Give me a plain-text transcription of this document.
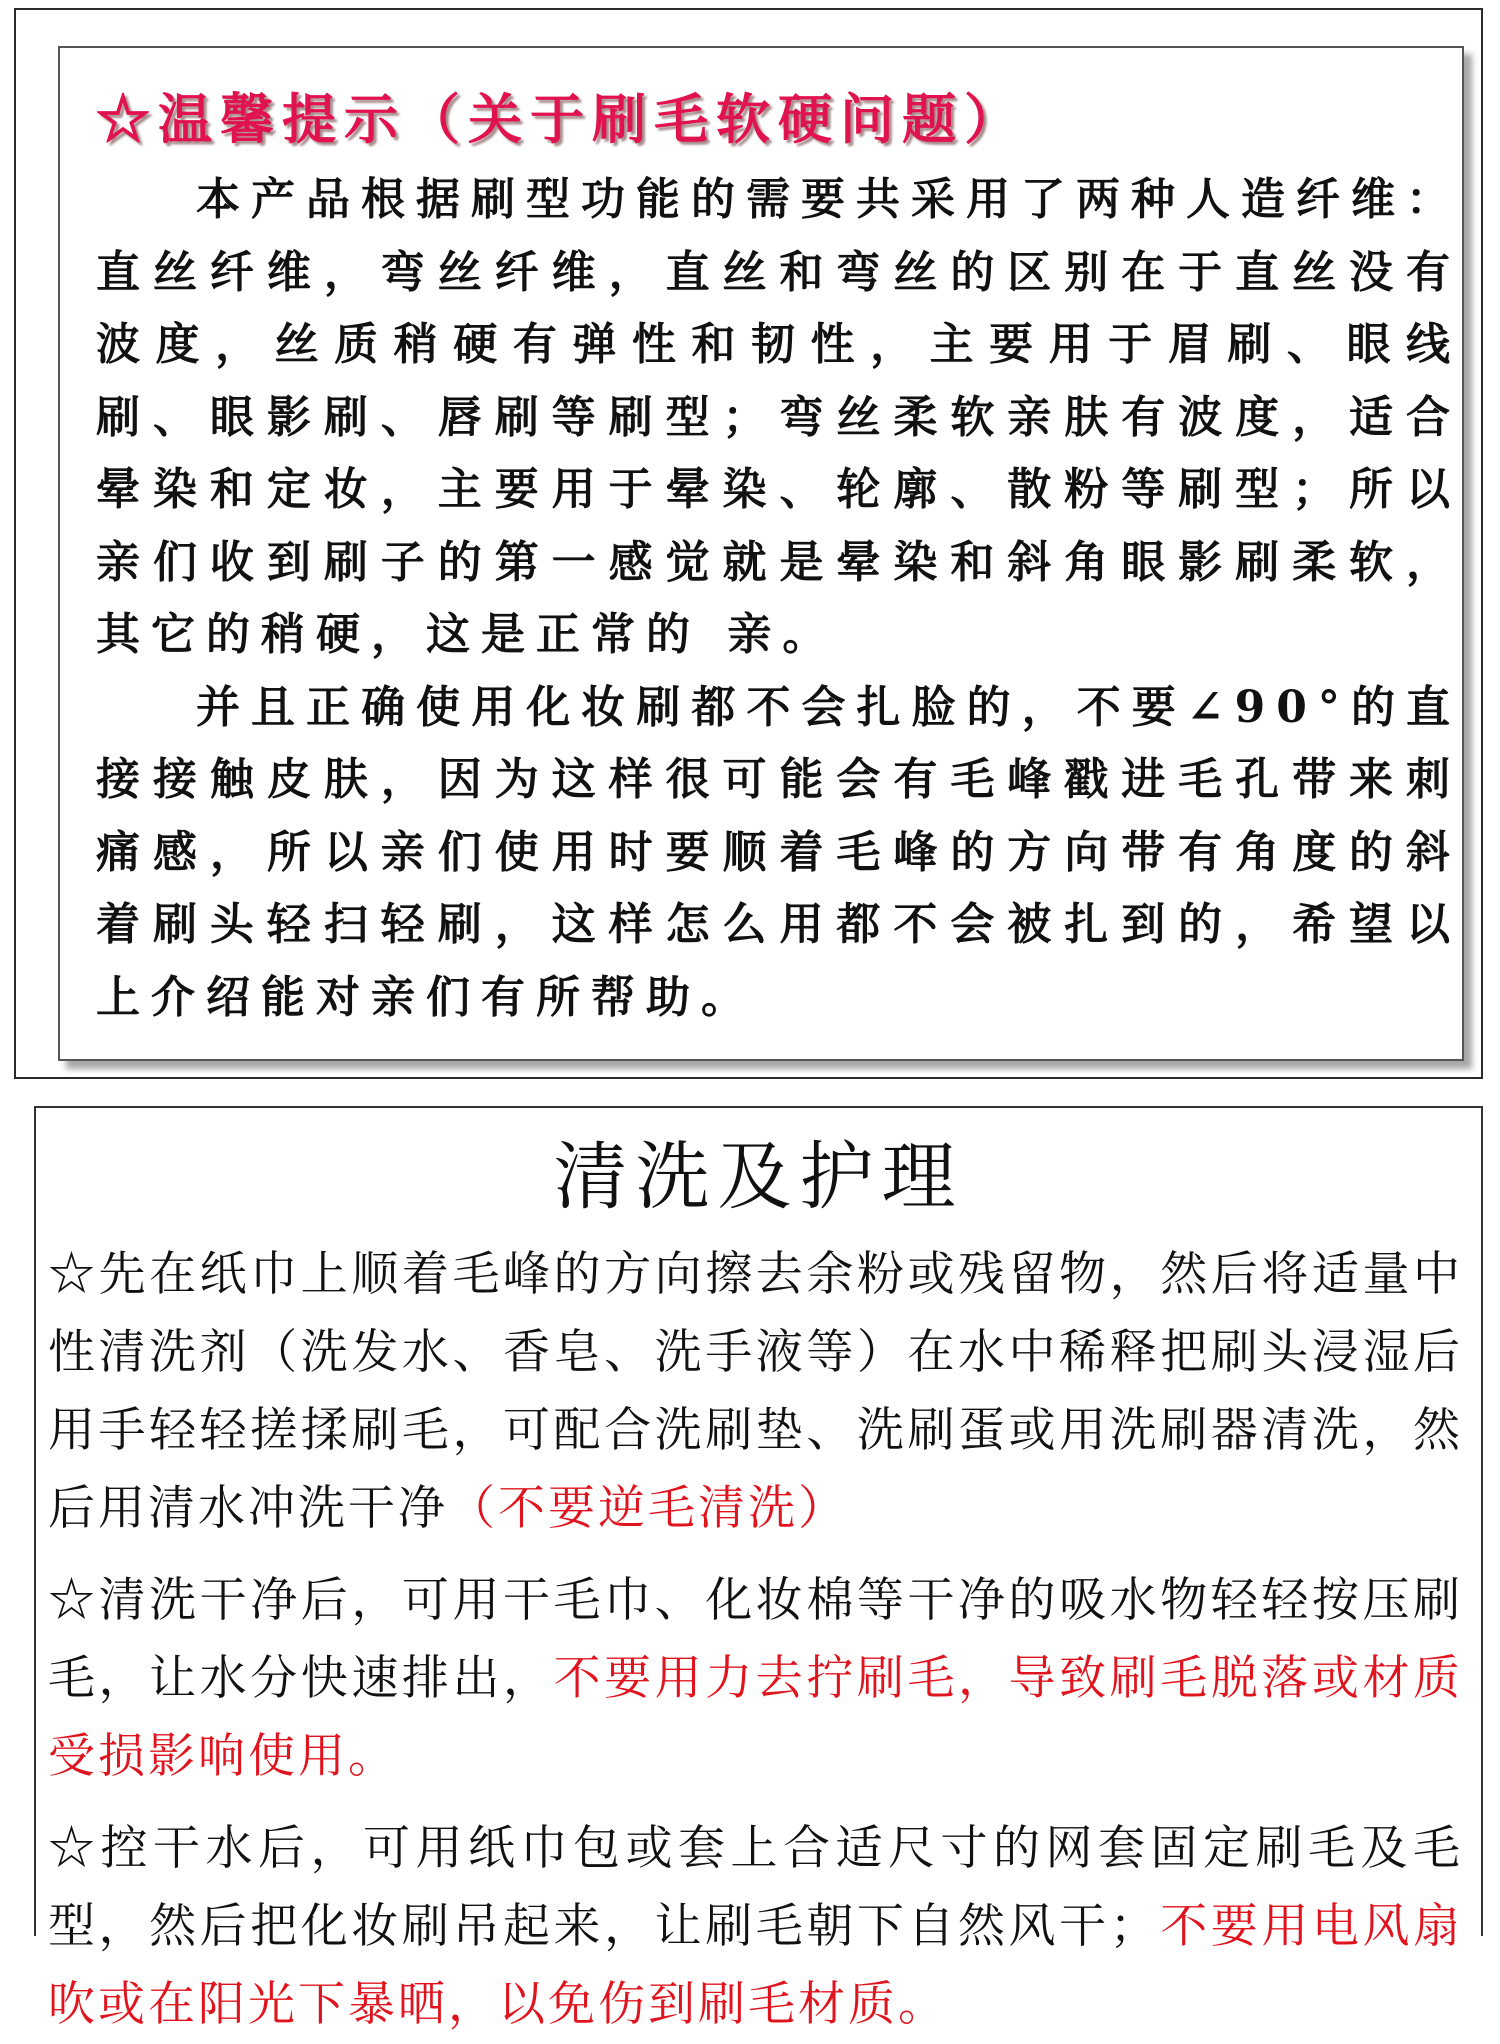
☆温馨提示（关于刷毛软硬问题）

本产品根据刷型功能的需要共采用了两种人造纤维：直丝纤维，弯丝纤维，直丝和弯丝的区别在于直丝没有波度，丝质稍硬有弹性和韧性，主要用于眉刷、眼线刷、眼影刷、唇刷等刷型；弯丝柔软亲肤有波度，适合晕染和定妆，主要用于晕染、轮廓、散粉等刷型；所以亲们收到刷子的第一感觉就是晕染和斜角眼影刷柔软，其它的稍硬，这是正常的 亲。

并且正确使用化妆刷都不会扎脸的，不要∠90°的直接接触皮肤，因为这样很可能会有毛峰戳进毛孔带来刺痛感，所以亲们使用时要顺着毛峰的方向带有角度的斜着刷头轻扫轻刷，这样怎么用都不会被扎到的，希望以上介绍能对亲们有所帮助。

清洗及护理

☆先在纸巾上顺着毛峰的方向擦去余粉或残留物，然后将适量中性清洗剂（洗发水、香皂、洗手液等）在水中稀释把刷头浸湿后用手轻轻搓揉刷毛，可配合洗刷垫、洗刷蛋或用洗刷器清洗，然后用清水冲洗干净（不要逆毛清洗）

☆清洗干净后，可用干毛巾、化妆棉等干净的吸水物轻轻按压刷毛，让水分快速排出，不要用力去拧刷毛，导致刷毛脱落或材质受损影响使用。

☆控干水后，可用纸巾包或套上合适尺寸的网套固定刷毛及毛型，然后把化妆刷吊起来，让刷毛朝下自然风干；不要用电风扇吹或在阳光下暴晒，以免伤到刷毛材质。
